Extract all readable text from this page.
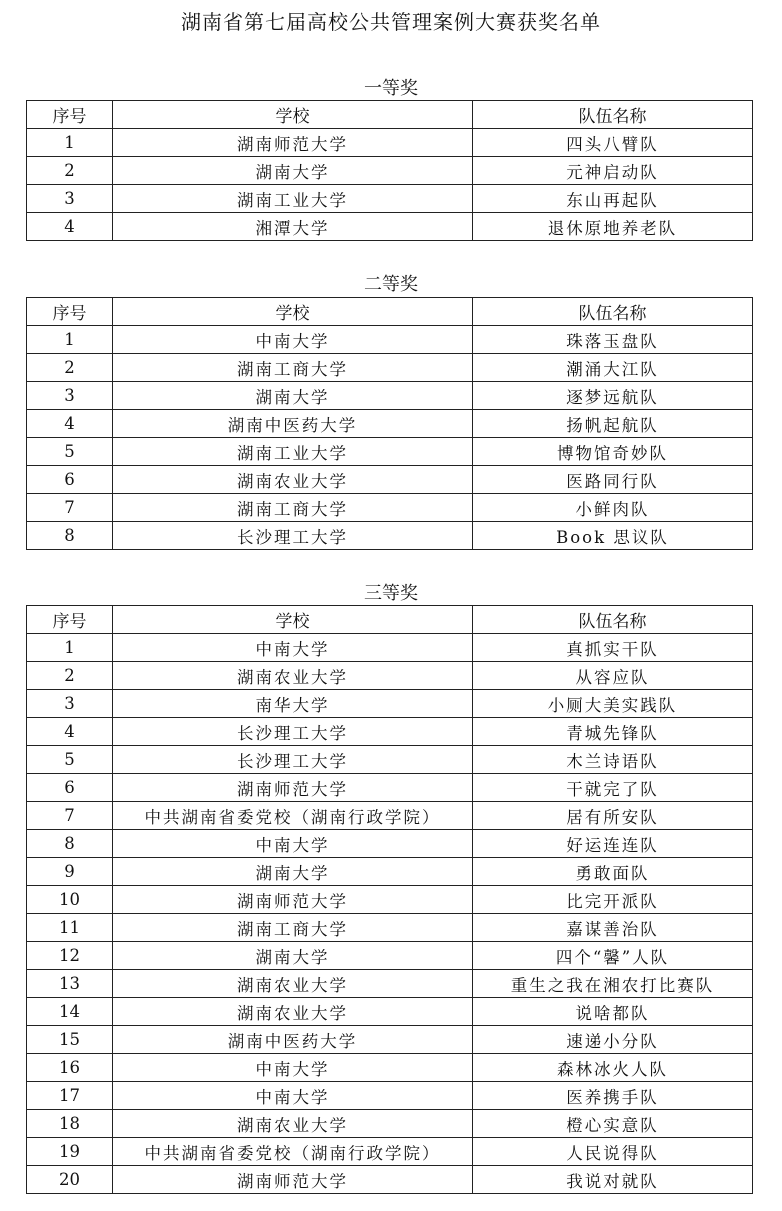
湖南省第七届高校公共管理案例大赛获奖名单
一等奖
序号	学校	队伍名称
1	湖南师范大学	四头八臂队
2	湖南大学	元神启动队
3	湖南工业大学	东山再起队
4	湘潭大学	退休原地养老队
二等奖
序号	学校	队伍名称
1	中南大学	珠落玉盘队
2	湖南工商大学	潮涌大江队
3	湖南大学	逐梦远航队
4	湖南中医药大学	扬帆起航队
5	湖南工业大学	博物馆奇妙队
6	湖南农业大学	医路同行队
7	湖南工商大学	小鲜肉队
8	长沙理工大学	Book 思议队
三等奖
序号	学校	队伍名称
1	中南大学	真抓实干队
2	湖南农业大学	从容应队
3	南华大学	小厕大美实践队
4	长沙理工大学	青城先锋队
5	长沙理工大学	木兰诗语队
6	湖南师范大学	干就完了队
7	中共湖南省委党校（湖南行政学院）	居有所安队
8	中南大学	好运连连队
9	湖南大学	勇敢面队
10	湖南师范大学	比完开派队
11	湖南工商大学	嘉谋善治队
12	湖南大学	四个“馨”人队
13	湖南农业大学	重生之我在湘农打比赛队
14	湖南农业大学	说啥都队
15	湖南中医药大学	速递小分队
16	中南大学	森林冰火人队
17	中南大学	医养携手队
18	湖南农业大学	橙心实意队
19	中共湖南省委党校（湖南行政学院）	人民说得队
20	湖南师范大学	我说对就队
